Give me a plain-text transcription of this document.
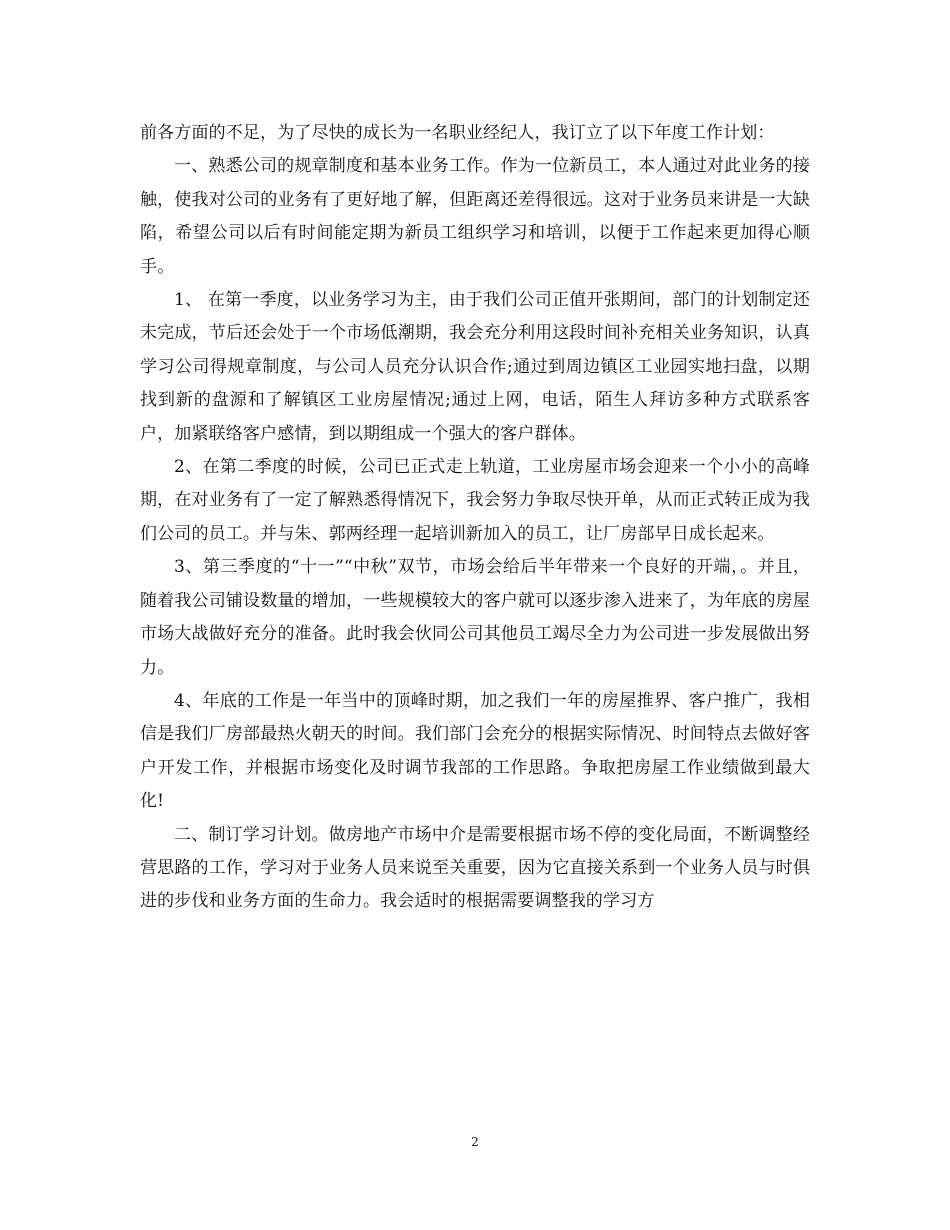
前各方面的不足，为了尽快的成长为一名职业经纪人，我订立了以下年度工作计划：

一、熟悉公司的规章制度和基本业务工作。作为一位新员工，本人通过对此业务的接触，使我对公司的业务有了更好地了解，但距离还差得很远。这对于业务员来讲是一大缺陷，希望公司以后有时间能定期为新员工组织学习和培训，以便于工作起来更加得心顺手。

1、 在第一季度，以业务学习为主，由于我们公司正值开张期间，部门的计划制定还未完成，节后还会处于一个市场低潮期，我会充分利用这段时间补充相关业务知识，认真学习公司得规章制度，与公司人员充分认识合作;通过到周边镇区工业园实地扫盘，以期找到新的盘源和了解镇区工业房屋情况;通过上网，电话，陌生人拜访多种方式联系客户，加紧联络客户感情，到以期组成一个强大的客户群体。

2、在第二季度的时候，公司已正式走上轨道，工业房屋市场会迎来一个小小的高峰期，在对业务有了一定了解熟悉得情况下，我会努力争取尽快开单，从而正式转正成为我们公司的员工。并与朱、郭两经理一起培训新加入的员工，让厂房部早日成长起来。

3、第三季度的“十一”“中秋”双节，市场会给后半年带来一个良好的开端，。并且，随着我公司铺设数量的增加，一些规模较大的客户就可以逐步渗入进来了，为年底的房屋市场大战做好充分的准备。此时我会伙同公司其他员工竭尽全力为公司进一步发展做出努力。

4、年底的工作是一年当中的顶峰时期，加之我们一年的房屋推界、客户推广，我相信是我们厂房部最热火朝天的时间。我们部门会充分的根据实际情况、时间特点去做好客户开发工作，并根据市场变化及时调节我部的工作思路。争取把房屋工作业绩做到最大化!

二、制订学习计划。做房地产市场中介是需要根据市场不停的变化局面，不断调整经营思路的工作，学习对于业务人员来说至关重要，因为它直接关系到一个业务人员与时俱进的步伐和业务方面的生命力。我会适时的根据需要调整我的学习方

2
